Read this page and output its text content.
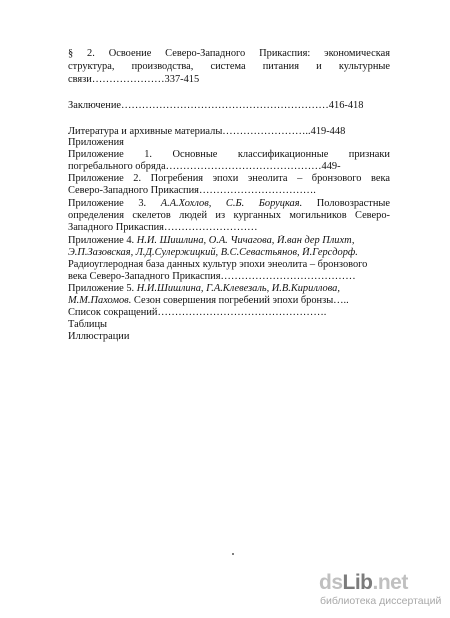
§ 2. Освоение Северо-Западного Прикаспия: экономическая
структура, производства, система питания и культурные
связи…………………337-415
Заключение……………………………………………………416-418
Литература и архивные материалы……………………..419-448
Приложения
Приложение 1. Основные классификационные признаки
погребального обряда………………………………………449-
Приложение 2. Погребения эпохи энеолита – бронзового века
Северо-Западного Прикаспия…………………………….
Приложение 3. А.А.Хохлов, С.Б. Боруцкая. Половозрастные
определения скелетов людей из курганных могильников Северо-
Западного Прикаспия………………………
Приложение 4. Н.И. Шишлина, О.А. Чичагова, Й.ван дер Плихт,
Э.П.Зазовская, Л.Д.Сулержицкий, В.С.Севастьянов, Й.Герсдорф.
Радиоуглеродная база данных культур эпохи энеолита – бронзового
века Северо-Западного Прикаспия…………………………………
Приложение 5. Н.И.Шишлина, Г.А.Клевезаль, И.В.Кириллова,
М.М.Пахомов. Сезон совершения погребений эпохи бронзы…..
Список сокращений………………………………………….
Таблицы
Иллюстрации
dsLib.net
библиотека диссертаций
